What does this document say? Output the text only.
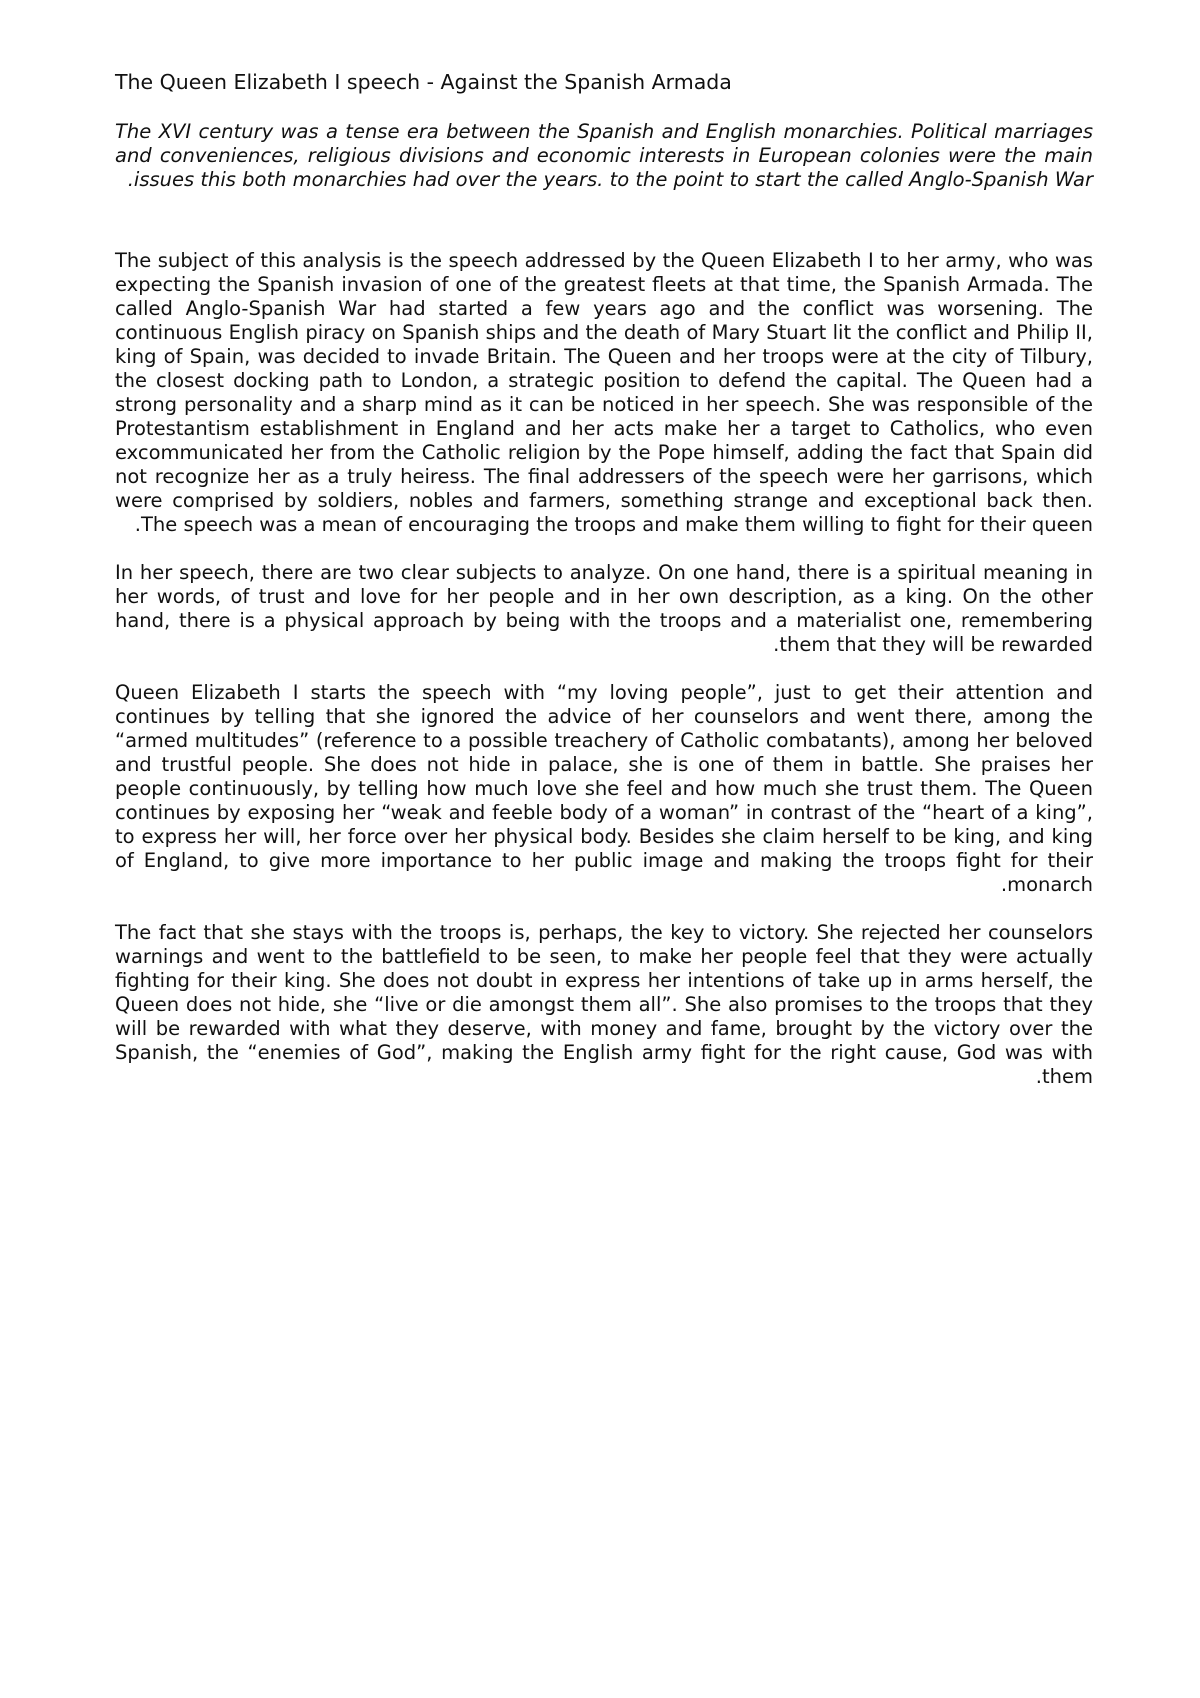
The Queen Elizabeth I speech - Against the Spanish Armada

The XVI century was a tense era between the Spanish and English monarchies. Political marriages and conveniences, religious divisions and economic interests in European colonies were the main issues this both monarchies had over the years. to the point to start the called Anglo-Spanish War.

The subject of this analysis is the speech addressed by the Queen Elizabeth I to her army, who was expecting the Spanish invasion of one of the greatest fleets at that time, the Spanish Armada. The called Anglo-Spanish War had started a few years ago and the conflict was worsening. The continuous English piracy on Spanish ships and the death of Mary Stuart lit the conflict and Philip II, king of Spain, was decided to invade Britain. The Queen and her troops were at the city of Tilbury, the closest docking path to London, a strategic position to defend the capital. The Queen had a strong personality and a sharp mind as it can be noticed in her speech. She was responsible of the Protestantism establishment in England and her acts make her a target to Catholics, who even excommunicated her from the Catholic religion by the Pope himself, adding the fact that Spain did not recognize her as a truly heiress. The final addressers of the speech were her garrisons, which were comprised by soldiers, nobles and farmers, something strange and exceptional back then. The speech was a mean of encouraging the troops and make them willing to fight for their queen.

In her speech, there are two clear subjects to analyze. On one hand, there is a spiritual meaning in her words, of trust and love for her people and in her own description, as a king. On the other hand, there is a physical approach by being with the troops and a materialist one, remembering them that they will be rewarded.

Queen Elizabeth I starts the speech with “my loving people”, just to get their attention and continues by telling that she ignored the advice of her counselors and went there, among the “armed multitudes” (reference to a possible treachery of Catholic combatants), among her beloved and trustful people. She does not hide in palace, she is one of them in battle. She praises her people continuously, by telling how much love she feel and how much she trust them. The Queen continues by exposing her “weak and feeble body of a woman” in contrast of the “heart of a king”, to express her will, her force over her physical body. Besides she claim herself to be king, and king of England, to give more importance to her public image and making the troops fight for their monarch.

The fact that she stays with the troops is, perhaps, the key to victory. She rejected her counselors warnings and went to the battlefield to be seen, to make her people feel that they were actually fighting for their king. She does not doubt in express her intentions of take up in arms herself, the Queen does not hide, she “live or die amongst them all”. She also promises to the troops that they will be rewarded with what they deserve, with money and fame, brought by the victory over the Spanish, the “enemies of God”, making the English army fight for the right cause, God was with them.
